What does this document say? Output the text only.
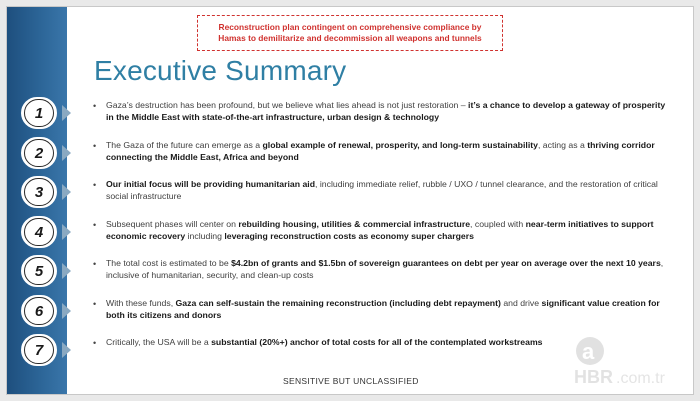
Reconstruction plan contingent on comprehensive compliance by
Hamas to demilitarize and decommission all weapons and tunnels
Executive Summary
1	• Gaza’s destruction has been profound, but we believe what lies ahead is not just restoration – it’s a chance to develop a gateway of prosperity in the Middle East with state-of-the-art infrastructure, urban design & technology
2	• The Gaza of the future can emerge as a global example of renewal, prosperity, and long-term sustainability, acting as a thriving corridor connecting the Middle East, Africa and beyond
3	• Our initial focus will be providing humanitarian aid, including immediate relief, rubble / UXO / tunnel clearance, and the restoration of critical social infrastructure
4	• Subsequent phases will center on rebuilding housing, utilities & commercial infrastructure, coupled with near-term initiatives to support economic recovery including leveraging reconstruction costs as economy super chargers
5	• The total cost is estimated to be $4.2bn of grants and $1.5bn of sovereign guarantees on debt per year on average over the next 10 years, inclusive of humanitarian, security, and clean-up costs
6	• With these funds, Gaza can self-sustain the remaining reconstruction (including debt repayment) and drive significant value creation for both its citizens and donors
7	• Critically, the USA will be a substantial (20%+) anchor of total costs for all of the contemplated workstreams
SENSITIVE BUT UNCLASSIFIED
a
HBR .com.tr
